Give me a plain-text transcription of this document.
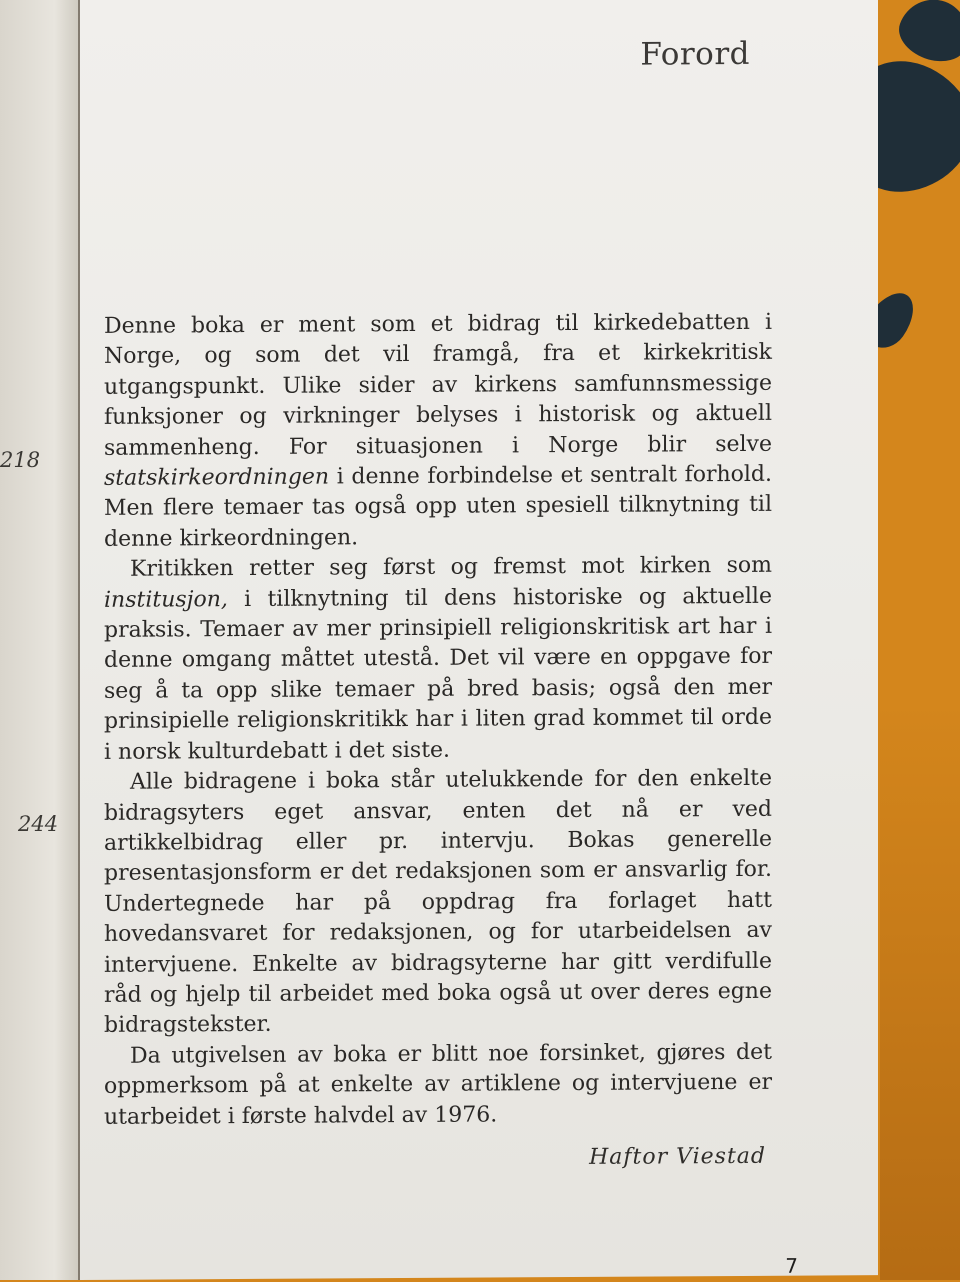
218
244
Forord

Denne boka er ment som et bidrag til kirkedebatten i Norge, og som det vil framgå, fra et kirkekritisk utgangspunkt. Ulike sider av kirkens samfunnsmessige funksjoner og virkninger belyses i historisk og aktuell sammenheng. For situasjonen i Norge blir selve statskirkeordningen i denne forbindelse et sentralt forhold. Men flere temaer tas også opp uten spesiell tilknytning til denne kirkeordningen.

Kritikken retter seg først og fremst mot kirken som institusjon, i tilknytning til dens historiske og aktuelle praksis. Temaer av mer prinsipiell religionskritisk art har i denne omgang måttet utestå. Det vil være en oppgave for seg å ta opp slike temaer på bred basis; også den mer prinsipielle religionskritikk har i liten grad kommet til orde i norsk kulturdebatt i det siste.

Alle bidragene i boka står utelukkende for den enkelte bidragsyters eget ansvar, enten det nå er ved artikkelbidrag eller pr. intervju. Bokas generelle presentasjonsform er det redaksjonen som er ansvarlig for. Undertegnede har på oppdrag fra forlaget hatt hovedansvaret for redaksjonen, og for utarbeidelsen av intervjuene. Enkelte av bidragsyterne har gitt verdifulle råd og hjelp til arbeidet med boka også ut over deres egne bidragstekster.

Da utgivelsen av boka er blitt noe forsinket, gjøres det oppmerksom på at enkelte av artiklene og intervjuene er utarbeidet i første halvdel av 1976.

Haftor Viestad
7
